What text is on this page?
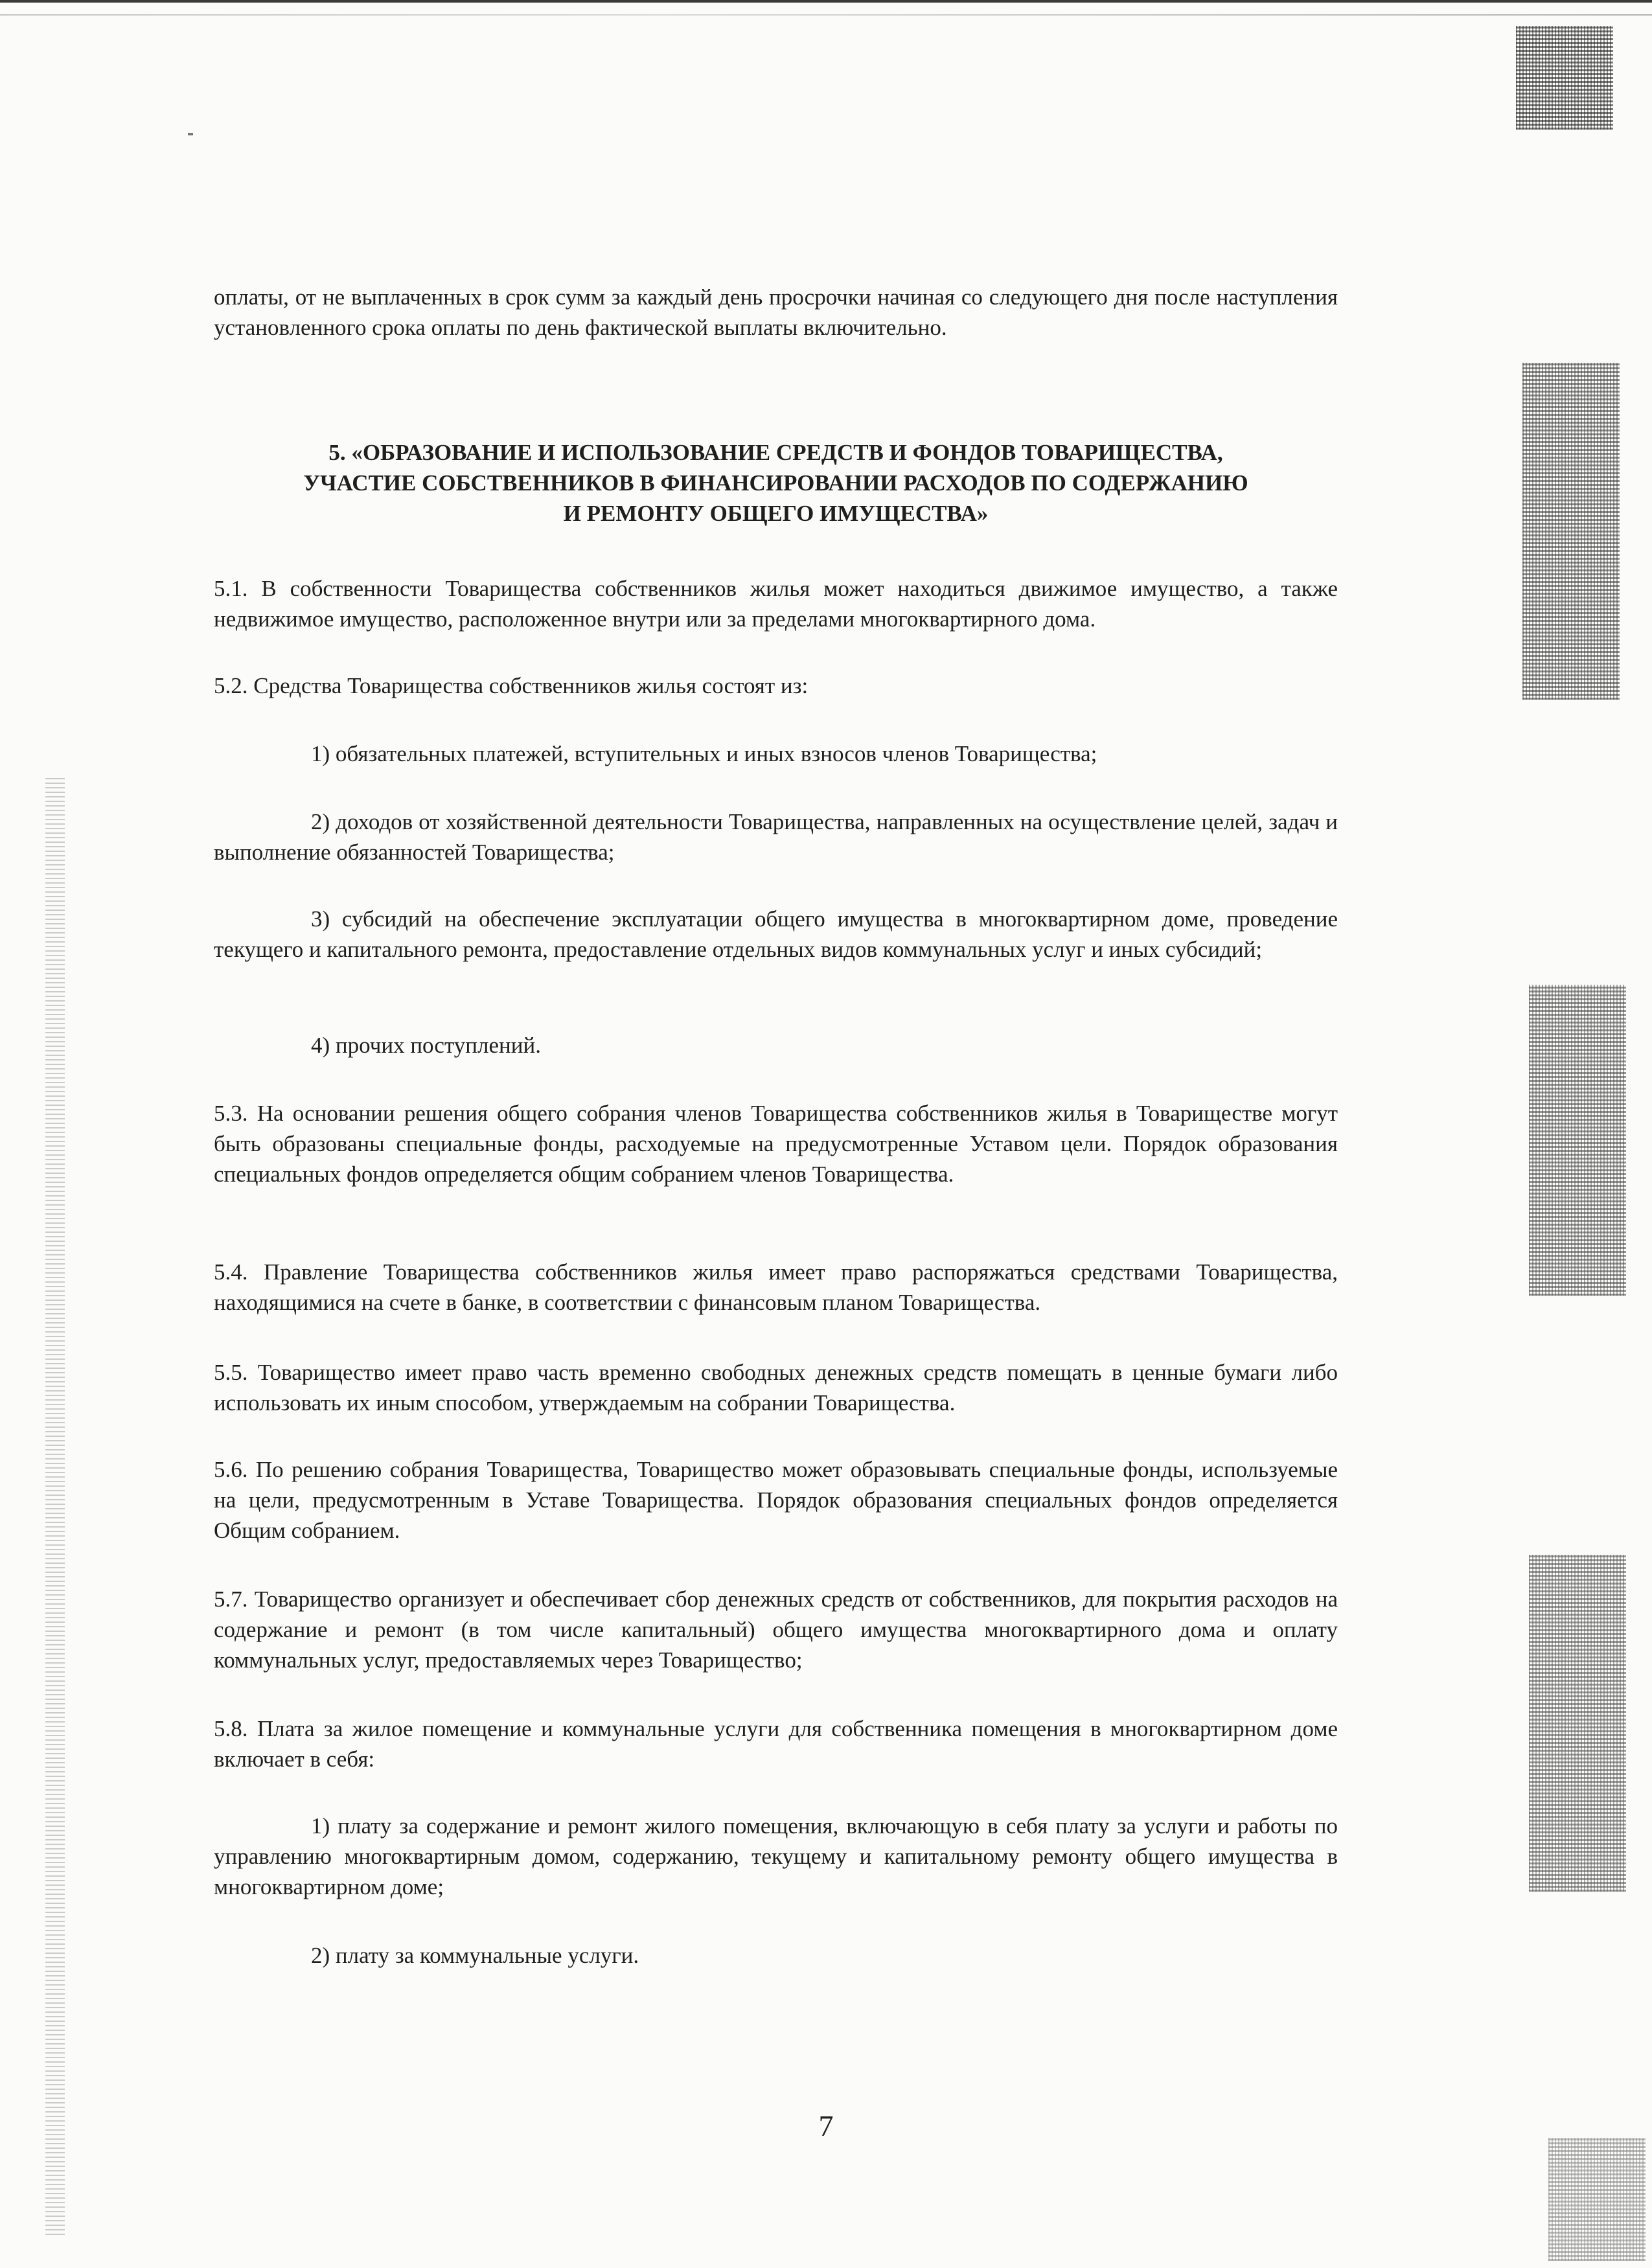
оплаты, от не выплаченных в срок сумм за каждый день просрочки начиная со следующего дня после наступления установленного срока оплаты по день фактической выплаты включительно.

5. «ОБРАЗОВАНИЕ И ИСПОЛЬЗОВАНИЕ СРЕДСТВ И ФОНДОВ ТОВАРИЩЕСТВА,
УЧАСТИЕ СОБСТВЕННИКОВ В ФИНАНСИРОВАНИИ РАСХОДОВ ПО СОДЕРЖАНИЮ
И РЕМОНТУ ОБЩЕГО ИМУЩЕСТВА»

5.1. В собственности Товарищества собственников жилья может находиться движимое имущество, а также недвижимое имущество, расположенное внутри или за пределами многоквартирного дома.

5.2. Средства Товарищества собственников жилья состоят из:

1) обязательных платежей, вступительных и иных взносов членов Товарищества;

2) доходов от хозяйственной деятельности Товарищества, направленных на осуществление целей, задач и выполнение обязанностей Товарищества;

3) субсидий на обеспечение эксплуатации общего имущества в многоквартирном доме, проведение текущего и капитального ремонта, предоставление отдельных видов коммунальных услуг и иных субсидий;

4) прочих поступлений.

5.3. На основании решения общего собрания членов Товарищества собственников жилья в Товариществе могут быть образованы специальные фонды, расходуемые на предусмотренные Уставом цели. Порядок образования специальных фондов определяется общим собранием членов Товарищества.

5.4. Правление Товарищества собственников жилья имеет право распоряжаться средствами Товарищества, находящимися на счете в банке, в соответствии с финансовым планом Товарищества.

5.5. Товарищество имеет право часть временно свободных денежных средств помещать в ценные бумаги либо использовать их иным способом, утверждаемым на собрании Товарищества.

5.6. По решению собрания Товарищества, Товарищество может образовывать специальные фонды, используемые на цели, предусмотренным в Уставе Товарищества. Порядок образования специальных фондов определяется Общим собранием.

5.7. Товарищество организует и обеспечивает сбор денежных средств от собственников, для покрытия расходов на содержание и ремонт (в том числе капитальный) общего имущества многоквартирного дома и оплату коммунальных услуг, предоставляемых через Товарищество;

5.8. Плата за жилое помещение и коммунальные услуги для собственника помещения в многоквартирном доме включает в себя:

1) плату за содержание и ремонт жилого помещения, включающую в себя плату за услуги и работы по управлению многоквартирным домом, содержанию, текущему и капитальному ремонту общего имущества в многоквартирном доме;

2) плату за коммунальные услуги.

7
